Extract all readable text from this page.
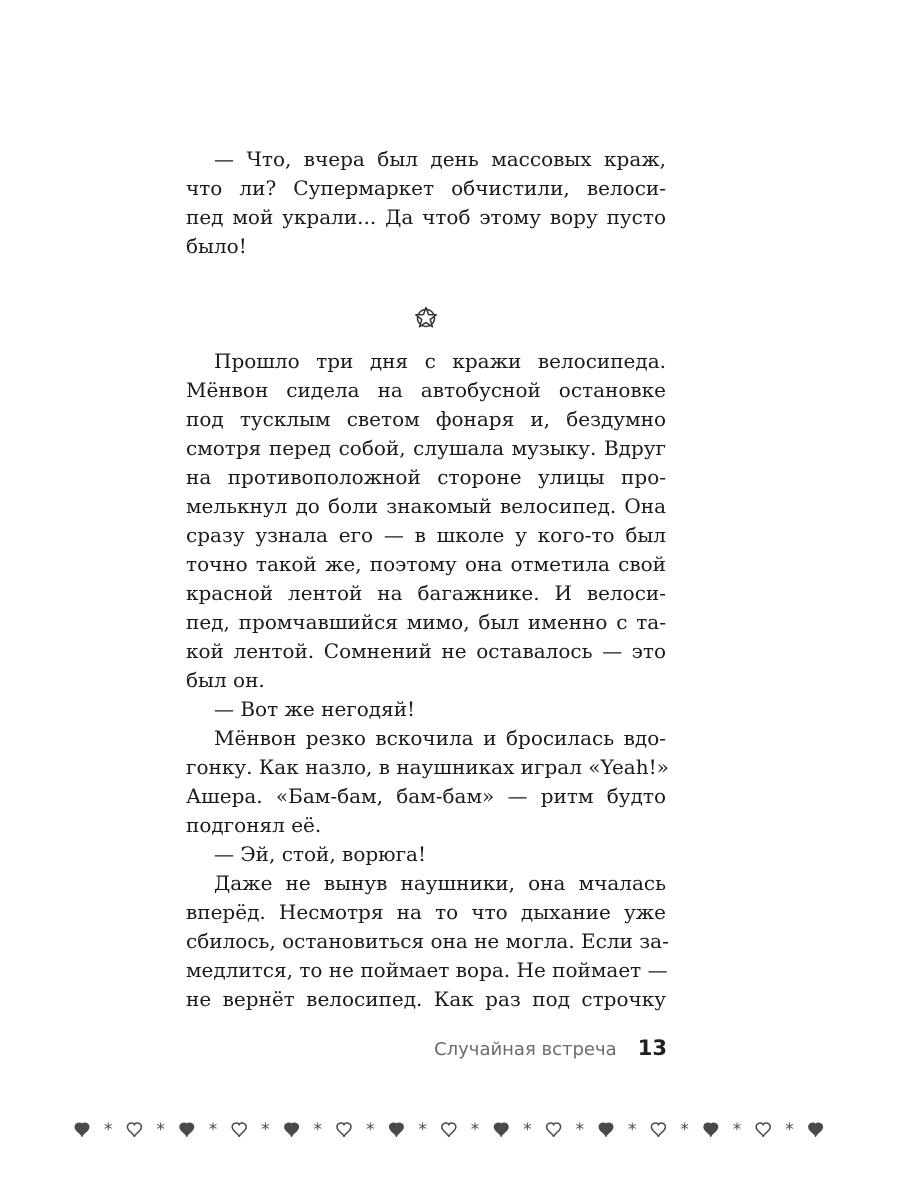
— Что, вчера был день массовых краж,
что ли? Супермаркет обчистили, велоси-
пед мой украли... Да чтоб этому вору пусто
было!
Прошло три дня с кражи велосипеда.
Мёнвон сидела на автобусной остановке
под тусклым светом фонаря и, бездумно
смотря перед собой, слушала музыку. Вдруг
на противоположной стороне улицы про-
мелькнул до боли знакомый велосипед. Она
сразу узнала его — в школе у кого-то был
точно такой же, поэтому она отметила свой
красной лентой на багажнике. И велоси-
пед, промчавшийся мимо, был именно с та-
кой лентой. Сомнений не оставалось — это
был он.
— Вот же негодяй!
Мёнвон резко вскочила и бросилась вдо-
гонку. Как назло, в наушниках играл «Yeah!»
Ашера. «Бам-бам, бам-бам» — ритм будто
подгонял её.
— Эй, стой, ворюга!
Даже не вынув наушники, она мчалась
вперёд. Несмотря на то что дыхание уже
сбилось, остановиться она не могла. Если за-
медлится, то не поймает вора. Не поймает —
не вернёт велосипед. Как раз под строчку
Случайная встреча 13
*	*	*	*	*	*	*	*	*	*	*	*	*	*
